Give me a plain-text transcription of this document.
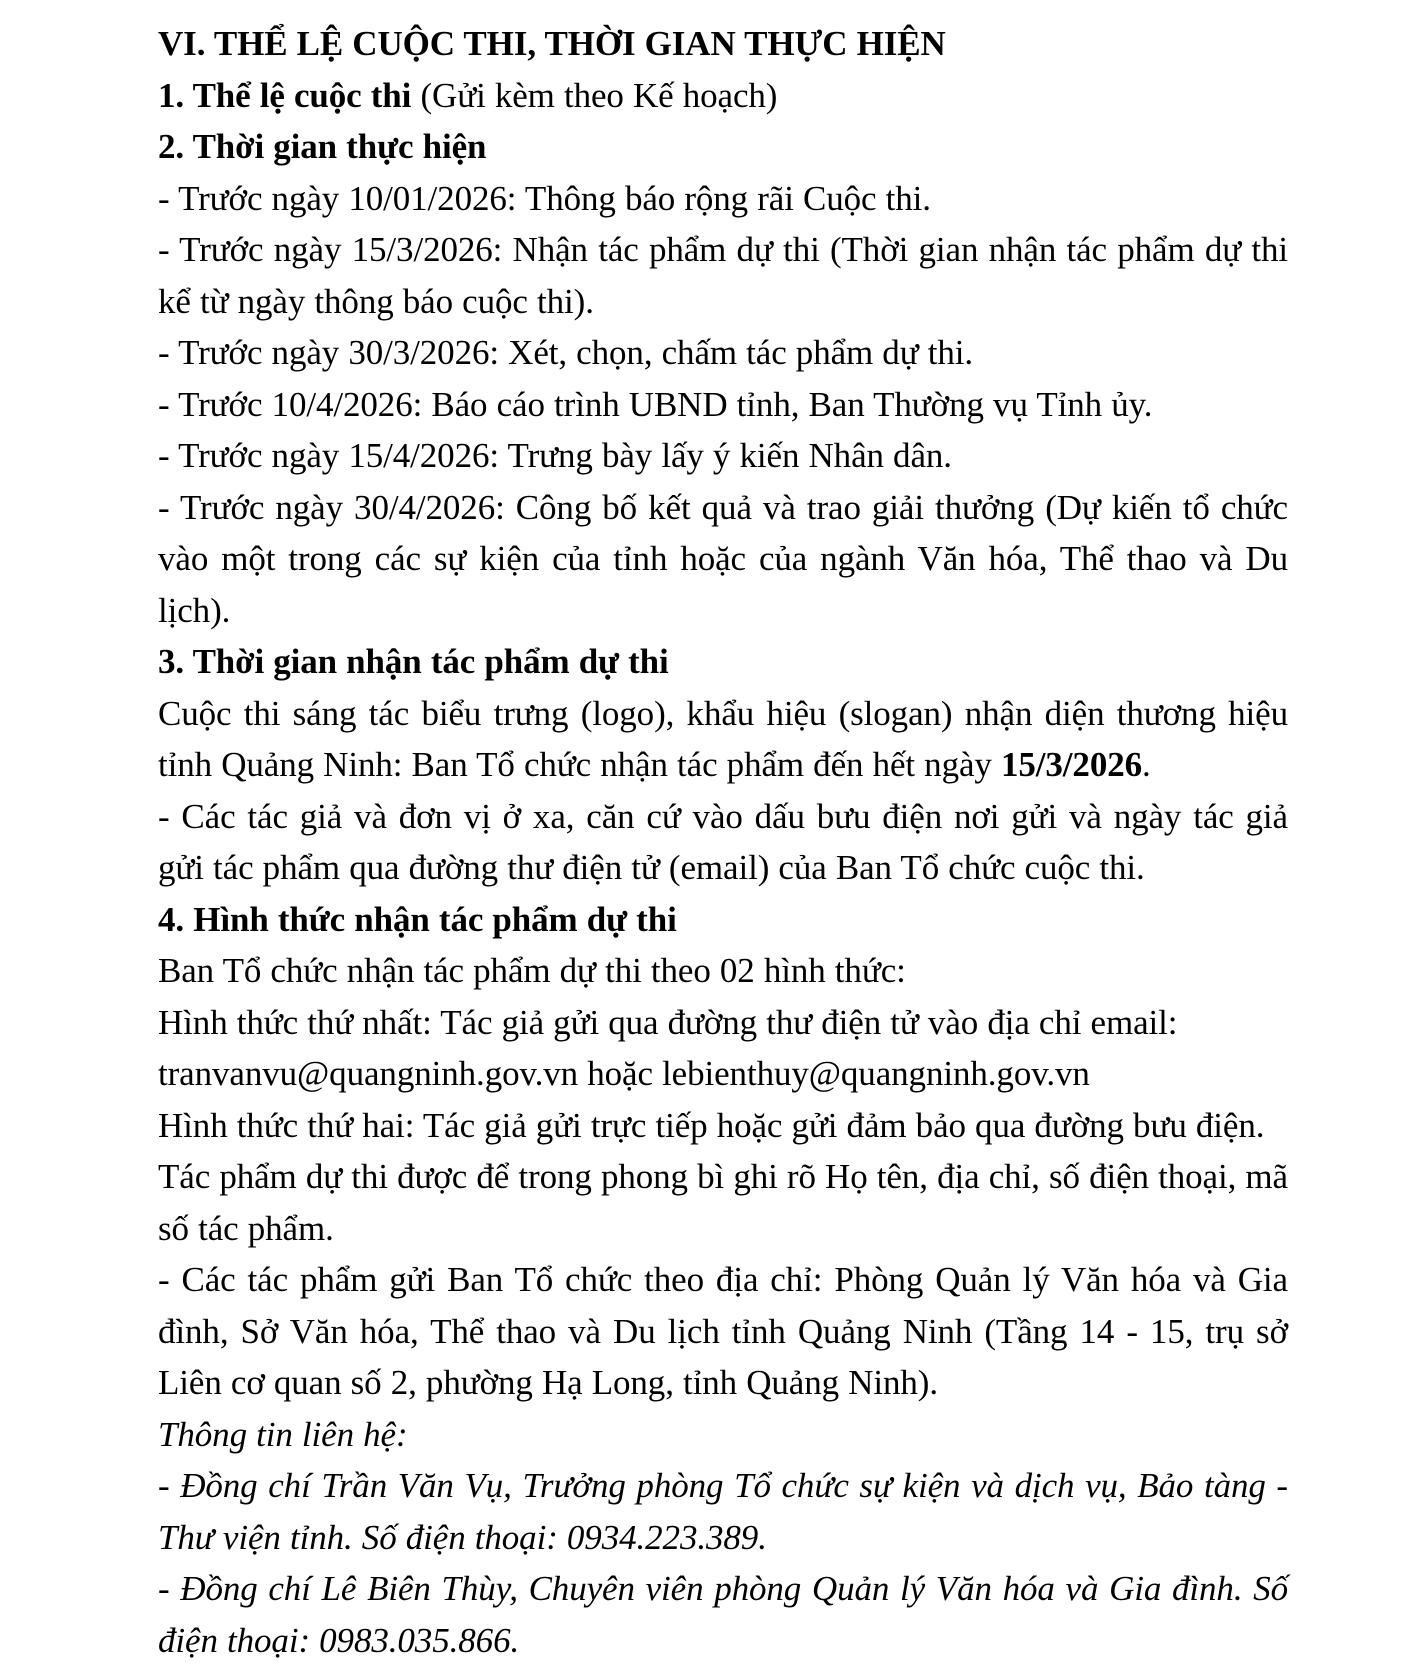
VI. THỂ LỆ CUỘC THI, THỜI GIAN THỰC HIỆN

1. Thể lệ cuộc thi (Gửi kèm theo Kế hoạch)

2. Thời gian thực hiện

- Trước ngày 10/01/2026: Thông báo rộng rãi Cuộc thi.

- Trước ngày 15/3/2026: Nhận tác phẩm dự thi (Thời gian nhận tác phẩm dự thi kể từ ngày thông báo cuộc thi).

- Trước ngày 30/3/2026: Xét, chọn, chấm tác phẩm dự thi.

- Trước 10/4/2026: Báo cáo trình UBND tỉnh, Ban Thường vụ Tỉnh ủy.

- Trước ngày 15/4/2026: Trưng bày lấy ý kiến Nhân dân.

- Trước ngày 30/4/2026: Công bố kết quả và trao giải thưởng (Dự kiến tổ chức vào một trong các sự kiện của tỉnh hoặc của ngành Văn hóa, Thể thao và Du lịch).

3. Thời gian nhận tác phẩm dự thi

Cuộc thi sáng tác biểu trưng (logo), khẩu hiệu (slogan) nhận diện thương hiệu tỉnh Quảng Ninh: Ban Tổ chức nhận tác phẩm đến hết ngày 15/3/2026.

- Các tác giả và đơn vị ở xa, căn cứ vào dấu bưu điện nơi gửi và ngày tác giả gửi tác phẩm qua đường thư điện tử (email) của Ban Tổ chức cuộc thi.

4. Hình thức nhận tác phẩm dự thi

Ban Tổ chức nhận tác phẩm dự thi theo 02 hình thức:

Hình thức thứ nhất: Tác giả gửi qua đường thư điện tử vào địa chỉ email:

tranvanvu@quangninh.gov.vn hoặc lebienthuy@quangninh.gov.vn

Hình thức thứ hai: Tác giả gửi trực tiếp hoặc gửi đảm bảo qua đường bưu điện.

Tác phẩm dự thi được để trong phong bì ghi rõ Họ tên, địa chỉ, số điện thoại, mã số tác phẩm.

- Các tác phẩm gửi Ban Tổ chức theo địa chỉ: Phòng Quản lý Văn hóa và Gia đình, Sở Văn hóa, Thể thao và Du lịch tỉnh Quảng Ninh (Tầng 14 - 15, trụ sở Liên cơ quan số 2, phường Hạ Long, tỉnh Quảng Ninh).

Thông tin liên hệ:

- Đồng chí Trần Văn Vụ, Trưởng phòng Tổ chức sự kiện và dịch vụ, Bảo tàng - Thư viện tỉnh. Số điện thoại: 0934.223.389.

- Đồng chí Lê Biên Thùy, Chuyên viên phòng Quản lý Văn hóa và Gia đình. Số điện thoại: 0983.035.866.
